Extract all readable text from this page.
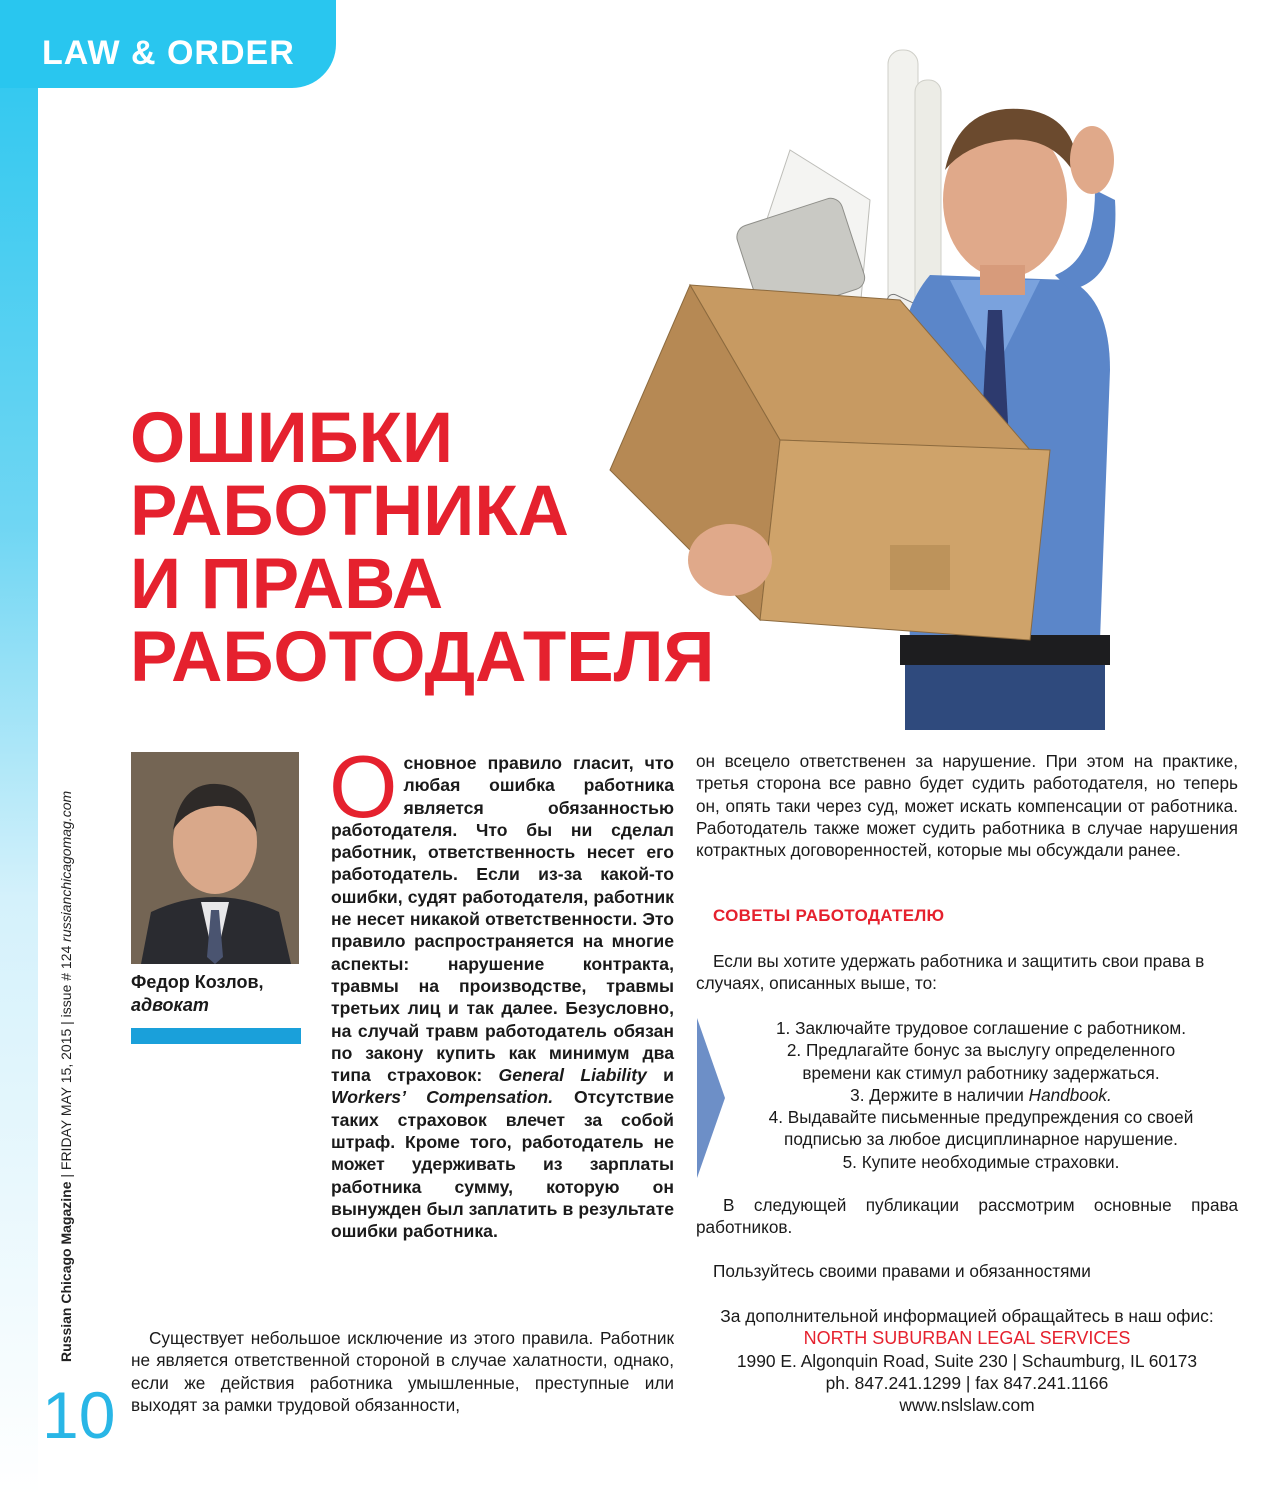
LAW & ORDER
ОШИБКИ
РАБОТНИКА
И ПРАВА
РАБОТОДАТЕЛЯ
Russian Chicago Magazine | FRIDAY MAY 15, 2015 | issue # 124 russianchicagomag.com
10
Федор Козлов,
адвокат
Основное правило гласит, что любая ошибка работника является обязанностью работодателя. Что бы ни сделал работник, ответственность несет его работодатель. Если из-за какой-то ошибки, судят работодателя, работник не несет никакой ответственности. Это правило распространяется на многие аспекты: нарушение контракта, травмы на производстве, травмы третьих лиц и так далее. Безусловно, на случай травм работодатель обязан по закону купить как минимум два типа страховок: General Liability и Workers’ Compensation. Отсутствие таких страховок влечет за собой штраф. Кроме того, работодатель не может удерживать из зарплаты работника сумму, которую он вынужден был заплатить в результате ошибки работника.
Существует небольшое исключение из этого правила. Работник не является ответственной стороной в случае халатности, однако, если же действия работника умышленные, преступные или выходят за рамки трудовой обязанности,

он всецело ответственен за нарушение. При этом на практике, третья сторона все равно будет судить работодателя, но теперь он, опять таки через суд, может искать компенсации от работника. Работодатель также может судить работника в случае нарушения котрактных договоренностей, которые мы обсуждали ранее.

СОВЕТЫ РАБОТОДАТЕЛЮ
Если вы хотите удержать работника и защитить свои права в случаях, описанных выше, то:
1. Заключайте трудовое соглашение с работником.
2. Предлагайте бонус за выслугу определенного
времени как стимул работнику задержаться.
3. Держите в наличии Handbook.
4. Выдавайте письменные предупреждения со своей
подписью за любое дисциплинарное нарушение.
5. Купите необходимые страховки.
В следующей публикации рассмотрим основные права работников.
Пользуйтесь своими правами и обязанностями
За дополнительной информацией обращайтесь в наш офис:
NORTH SUBURBAN LEGAL SERVICES
1990 E. Algonquin Road, Suite 230 | Schaumburg, IL 60173
ph. 847.241.1299 | fax 847.241.1166
www.nslslaw.com
